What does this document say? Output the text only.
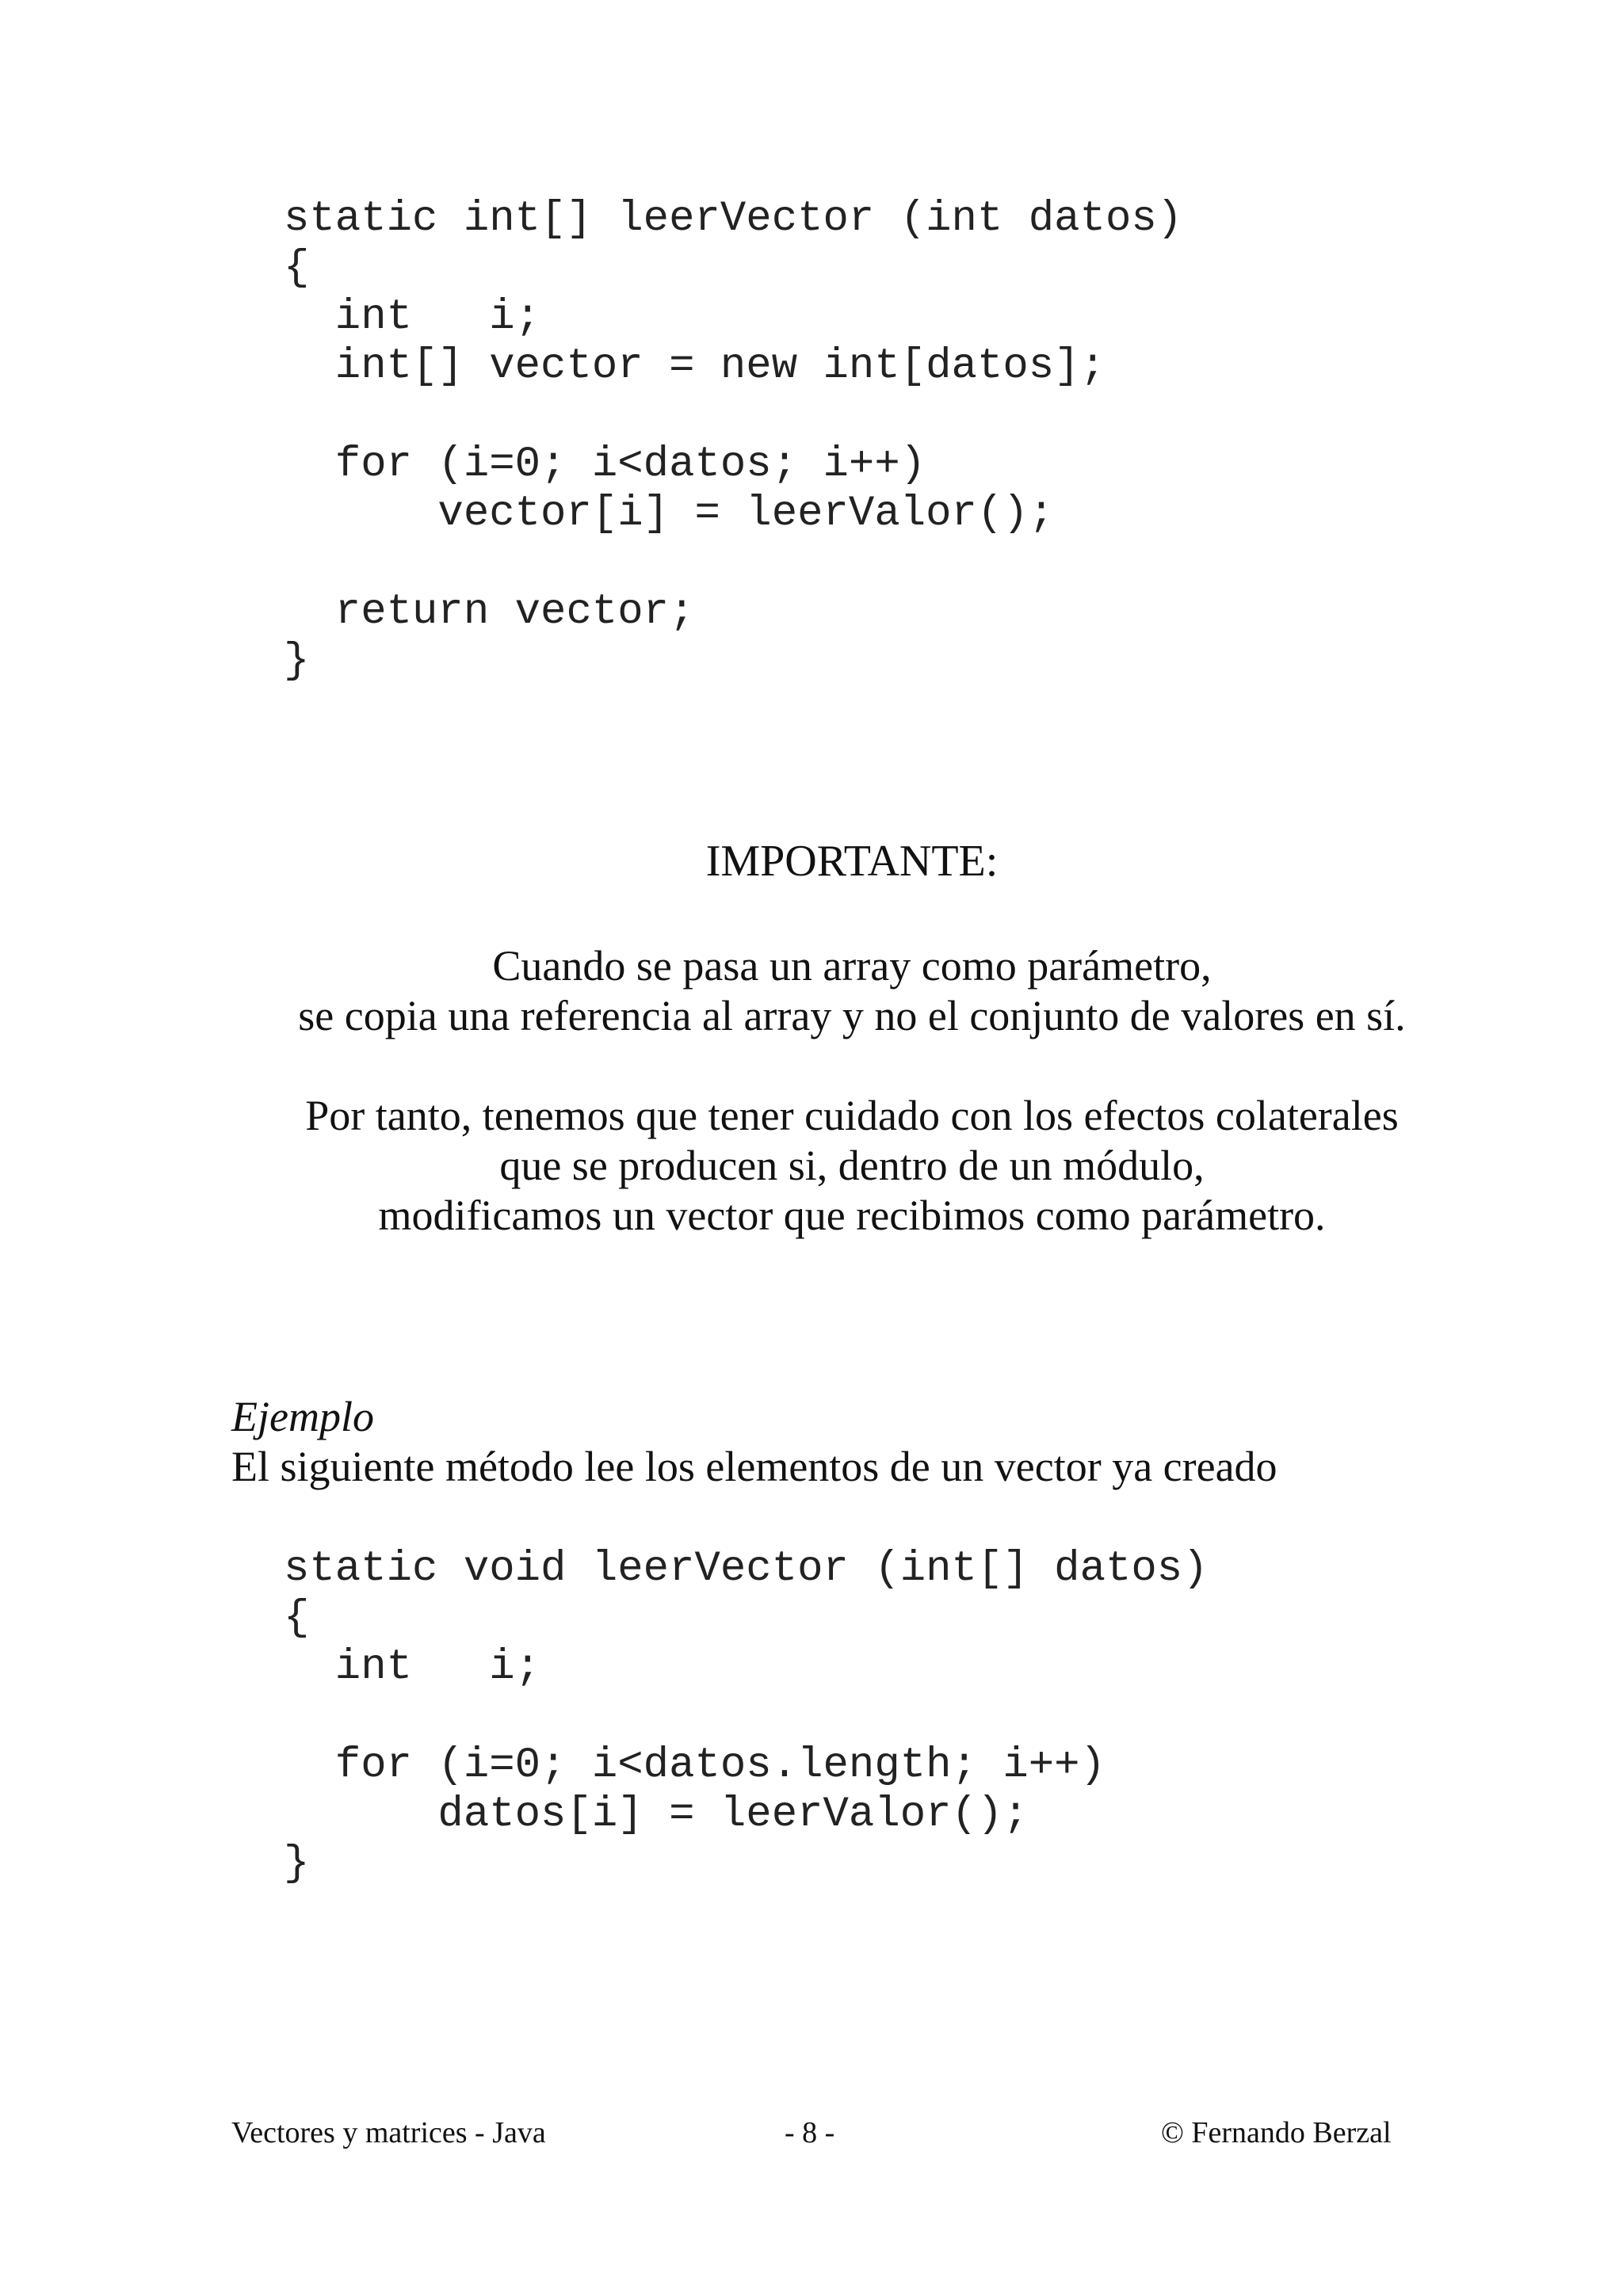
static int[] leerVector (int datos)
{
int   i;
int[] vector = new int[datos];

for (i=0; i<datos; i++)
vector[i] = leerValor();

return vector;
}
IMPORTANTE:

Cuando se pasa un array como parámetro,
se copia una referencia al array y no el conjunto de valores en sí.

Por tanto, tenemos que tener cuidado con los efectos colaterales
que se producen si, dentro de un módulo,
modificamos un vector que recibimos como parámetro.

Ejemplo
El siguiente método lee los elementos de un vector ya creado
static void leerVector (int[] datos)
{
int   i;

for (i=0; i<datos.length; i++)
datos[i] = leerValor();
}
Vectores y matrices - Java	- 8 -	© Fernando Berzal
